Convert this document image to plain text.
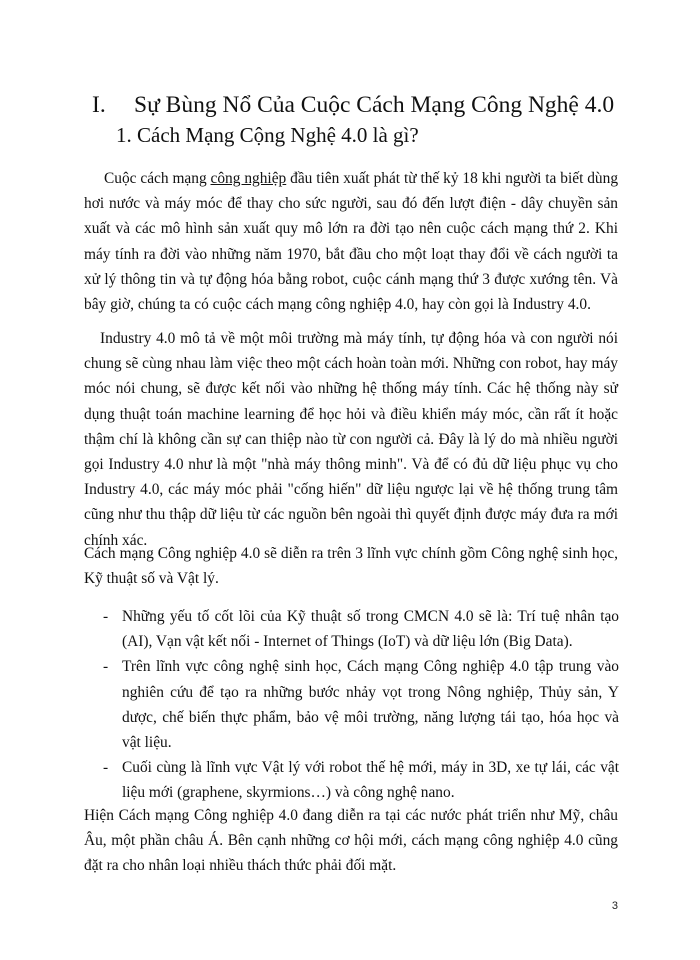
I. Sự Bùng Nổ Của Cuộc Cách Mạng Công Nghệ 4.0
1. Cách Mạng Cộng Nghệ 4.0 là gì?
Cuộc cách mạng công nghiệp đầu tiên xuất phát từ thế kỷ 18 khi người ta biết dùng hơi nước và máy móc để thay cho sức người, sau đó đến lượt điện - dây chuyền sản xuất và các mô hình sản xuất quy mô lớn ra đời tạo nên cuộc cách mạng thứ 2. Khi máy tính ra đời vào những năm 1970, bắt đầu cho một loạt thay đổi về cách người ta xử lý thông tin và tự động hóa bằng robot, cuộc cánh mạng thứ 3 được xướng tên. Và bây giờ, chúng ta có cuộc cách mạng công nghiệp 4.0, hay còn gọi là Industry 4.0.
Industry 4.0 mô tả về một môi trường mà máy tính, tự động hóa và con người nói chung sẽ cùng nhau làm việc theo một cách hoàn toàn mới. Những con robot, hay máy móc nói chung, sẽ được kết nối vào những hệ thống máy tính. Các hệ thống này sử dụng thuật toán machine learning để học hỏi và điều khiển máy móc, cần rất ít hoặc thậm chí là không cần sự can thiệp nào từ con người cả. Đây là lý do mà nhiều người gọi Industry 4.0 như là một "nhà máy thông minh". Và để có đủ dữ liệu phục vụ cho Industry 4.0, các máy móc phải "cống hiến" dữ liệu ngược lại về hệ thống trung tâm cũng như thu thập dữ liệu từ các nguồn bên ngoài thì quyết định được máy đưa ra mới chính xác.
Cách mạng Công nghiệp 4.0 sẽ diễn ra trên 3 lĩnh vực chính gồm Công nghệ sinh học, Kỹ thuật số và Vật lý.
- Những yếu tố cốt lõi của Kỹ thuật số trong CMCN 4.0 sẽ là: Trí tuệ nhân tạo (AI), Vạn vật kết nối - Internet of Things (IoT) và dữ liệu lớn (Big Data).
- Trên lĩnh vực công nghệ sinh học, Cách mạng Công nghiệp 4.0 tập trung vào nghiên cứu để tạo ra những bước nhảy vọt trong Nông nghiệp, Thủy sản, Y dược, chế biến thực phẩm, bảo vệ môi trường, năng lượng tái tạo, hóa học và vật liệu.
- Cuối cùng là lĩnh vực Vật lý với robot thế hệ mới, máy in 3D, xe tự lái, các vật liệu mới (graphene, skyrmions…) và công nghệ nano.
Hiện Cách mạng Công nghiệp 4.0 đang diễn ra tại các nước phát triển như Mỹ, châu Âu, một phần châu Á. Bên cạnh những cơ hội mới, cách mạng công nghiệp 4.0 cũng đặt ra cho nhân loại nhiều thách thức phải đối mặt.
3
